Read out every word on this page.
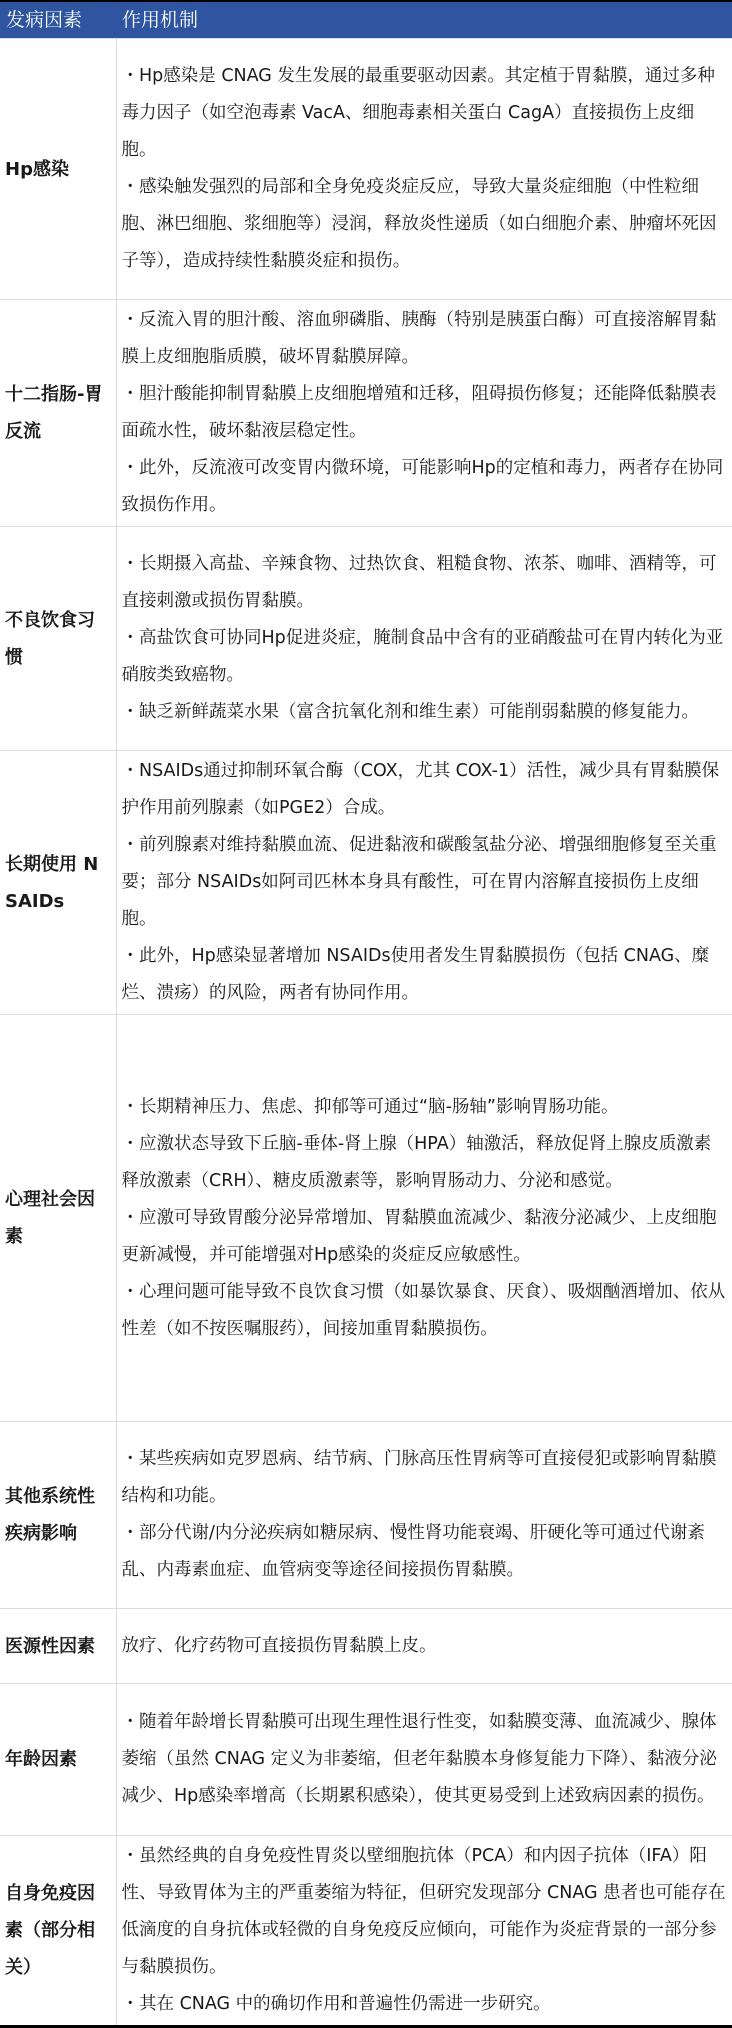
发病因素	作用机制
Hp感染	・Hp感染是 CNAG 发生发展的最重要驱动因素。其定植于胃黏膜，通过多种毒力因子（如空泡毒素 VacA、细胞毒素相关蛋白 CagA）直接损伤上皮细胞。

・感染触发强烈的局部和全身免疫炎症反应，导致大量炎症细胞（中性粒细胞、淋巴细胞、浆细胞等）浸润，释放炎性递质（如白细胞介素、肿瘤坏死因子等），造成持续性黏膜炎症和损伤。

十二指肠-胃反流	・反流入胃的胆汁酸、溶血卵磷脂、胰酶（特别是胰蛋白酶）可直接溶解胃黏膜上皮细胞脂质膜，破坏胃黏膜屏障。

・胆汁酸能抑制胃黏膜上皮细胞增殖和迁移，阻碍损伤修复；还能降低黏膜表面疏水性，破坏黏液层稳定性。

・此外，反流液可改变胃内微环境，可能影响Hp的定植和毒力，两者存在协同致损伤作用。

不良饮食习惯	・长期摄入高盐、辛辣食物、过热饮食、粗糙食物、浓茶、咖啡、酒精等，可直接刺激或损伤胃黏膜。

・高盐饮食可协同Hp促进炎症，腌制食品中含有的亚硝酸盐可在胃内转化为亚硝胺类致癌物。

・缺乏新鲜蔬菜水果（富含抗氧化剂和维生素）可能削弱黏膜的修复能力。

长期使用 NSAIDs	・NSAIDs通过抑制环氧合酶（COX，尤其 COX-1）活性，减少具有胃黏膜保护作用前列腺素（如PGE2）合成。

・前列腺素对维持黏膜血流、促进黏液和碳酸氢盐分泌、增强细胞修复至关重要；部分 NSAIDs如阿司匹林本身具有酸性，可在胃内溶解直接损伤上皮细胞。

・此外，Hp感染显著增加 NSAIDs使用者发生胃黏膜损伤（包括 CNAG、糜烂、溃疡）的风险，两者有协同作用。

心理社会因素	・长期精神压力、焦虑、抑郁等可通过“脑-肠轴”影响胃肠功能。

・应激状态导致下丘脑-垂体-肾上腺（HPA）轴激活，释放促肾上腺皮质激素释放激素（CRH）、糖皮质激素等，影响胃肠动力、分泌和感觉。

・应激可导致胃酸分泌异常增加、胃黏膜血流减少、黏液分泌减少、上皮细胞更新减慢，并可能增强对Hp感染的炎症反应敏感性。

・心理问题可能导致不良饮食习惯（如暴饮暴食、厌食）、吸烟酗酒增加、依从性差（如不按医嘱服药），间接加重胃黏膜损伤。

其他系统性疾病影响	・某些疾病如克罗恩病、结节病、门脉高压性胃病等可直接侵犯或影响胃黏膜结构和功能。

・部分代谢/内分泌疾病如糖尿病、慢性肾功能衰竭、肝硬化等可通过代谢紊乱、内毒素血症、血管病变等途径间接损伤胃黏膜。

医源性因素	放疗、化疗药物可直接损伤胃黏膜上皮。

年龄因素	・随着年龄增长胃黏膜可出现生理性退行性变，如黏膜变薄、血流减少、腺体萎缩（虽然 CNAG 定义为非萎缩，但老年黏膜本身修复能力下降）、黏液分泌减少、Hp感染率增高（长期累积感染），使其更易受到上述致病因素的损伤。

自身免疫因素（部分相关）	・虽然经典的自身免疫性胃炎以壁细胞抗体（PCA）和内因子抗体（IFA）阳性、导致胃体为主的严重萎缩为特征，但研究发现部分 CNAG 患者也可能存在低滴度的自身抗体或轻微的自身免疫反应倾向，可能作为炎症背景的一部分参与黏膜损伤。

・其在 CNAG 中的确切作用和普遍性仍需进一步研究。
